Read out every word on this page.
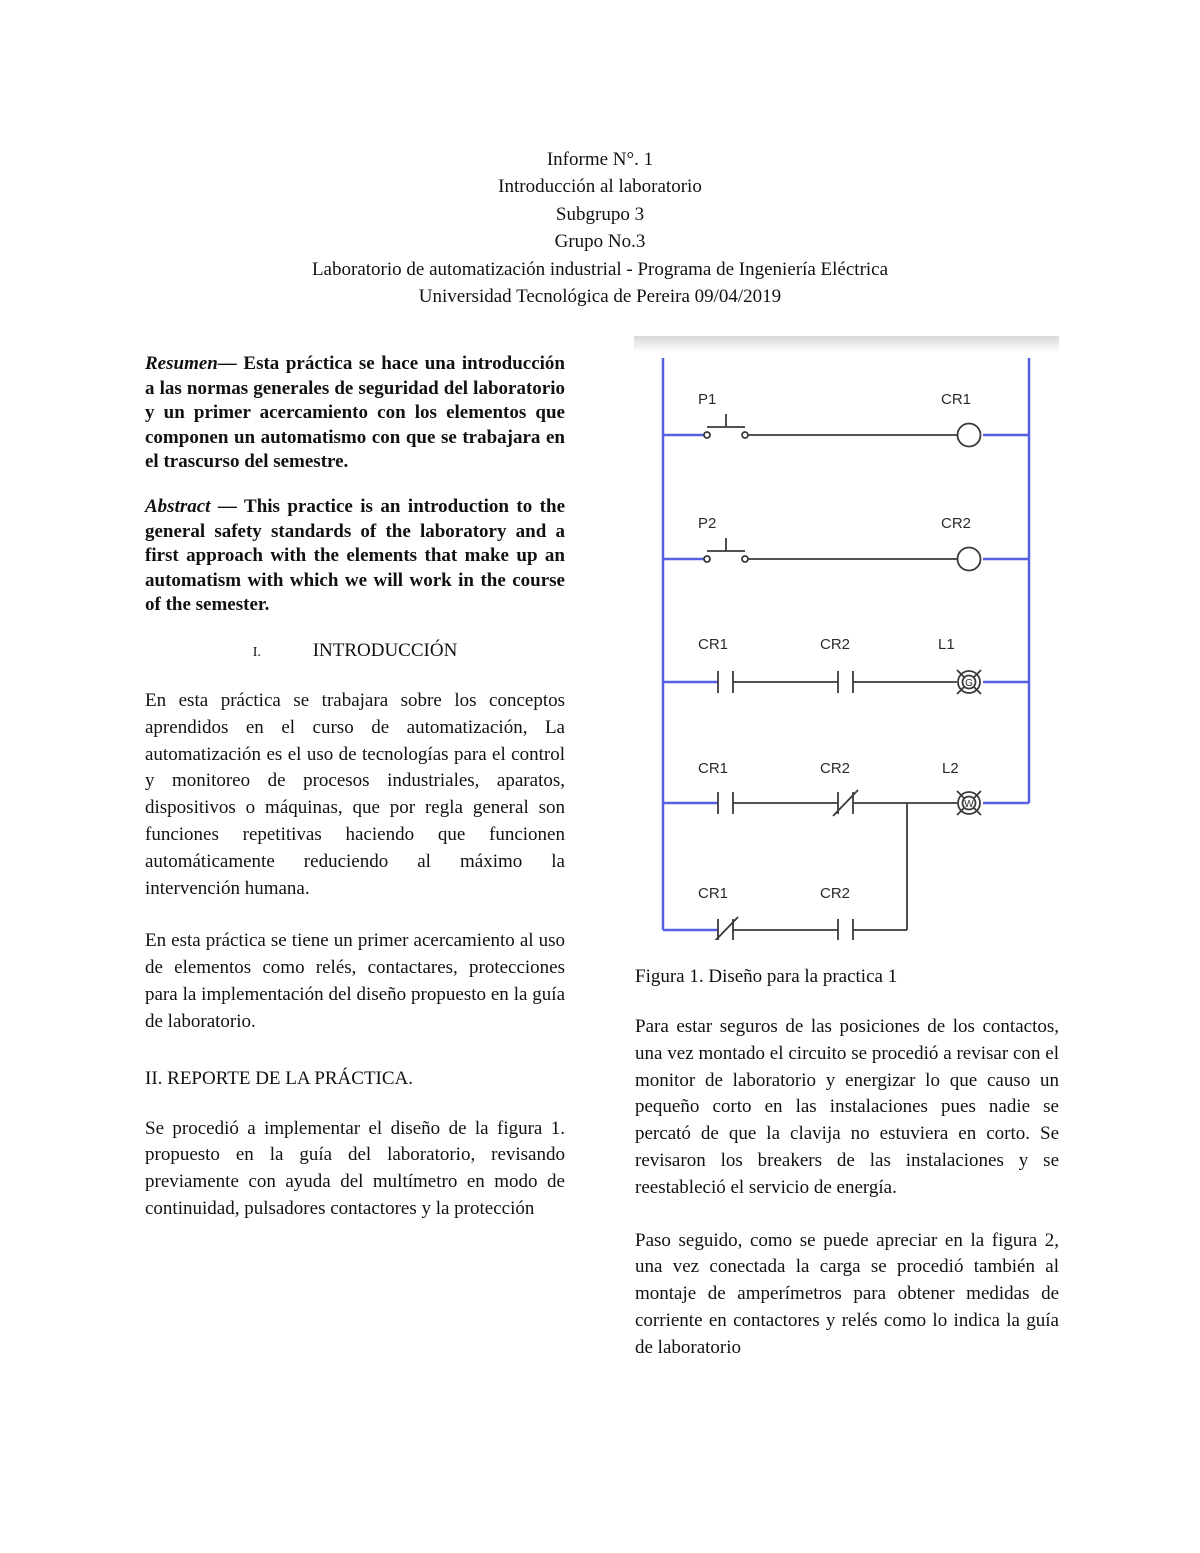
Informe N°. 1
Introducción al laboratorio
Subgrupo 3
Grupo No.3
Laboratorio de automatización industrial - Programa de Ingeniería Eléctrica
Universidad Tecnológica de Pereira 09/04/2019

Resumen— Esta práctica se hace una introducción a las normas generales de seguridad del laboratorio y un primer acercamiento con los elementos que componen un automatismo con que se trabajara en el trascurso del semestre.

Abstract — This practice is an introduction to the general safety standards of the laboratory and a first approach with the elements that make up an automatism with which we will work in the course of the semester.

I.	INTRODUCCIÓN

En esta práctica se trabajara sobre los conceptos aprendidos en el curso de automatización, La automatización es el uso de tecnologías para el control y monitoreo de procesos industriales, aparatos, dispositivos o máquinas, que por regla general son funciones repetitivas haciendo que funcionen automáticamente reduciendo al máximo la intervención humana.

En esta práctica se tiene un primer acercamiento al uso de elementos como relés, contactares, protecciones para la implementación del diseño propuesto en la guía de laboratorio.

II. REPORTE DE LA PRÁCTICA.

Se procedió a implementar el diseño de la figura 1. propuesto en la guía del laboratorio, revisando previamente con ayuda del multímetro en modo de continuidad, pulsadores contactores y la protección

P1	CR1
P2	CR2
CR1	CR2	L1
CR1	CR2	L2
CR1	CR2
G
W
Figura 1. Diseño para la practica 1

Para estar seguros de las posiciones de los contactos, una vez montado el circuito se procedió a revisar con el monitor de laboratorio y energizar lo que causo un pequeño corto en las instalaciones pues nadie se percató de que la clavija no estuviera en corto. Se revisaron los breakers de las instalaciones y se reestableció el servicio de energía.

Paso seguido, como se puede apreciar en la figura 2, una vez conectada la carga se procedió también al montaje de amperímetros para obtener medidas de corriente en contactores y relés como lo indica la guía de laboratorio
